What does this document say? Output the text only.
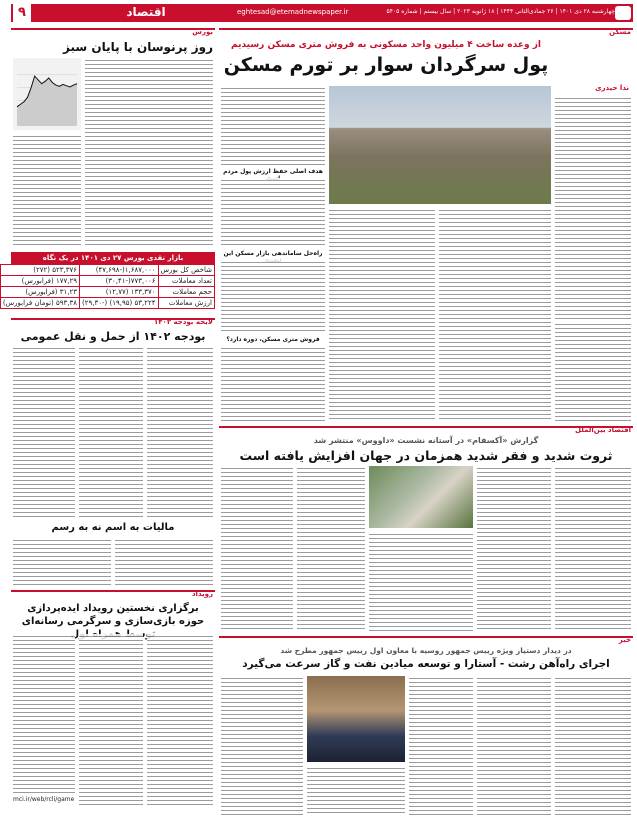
۹	اقتصاد	eghtesad@etemadnewspaper.ir	چهارشنبه ۲۸ دی ۱۴۰۱ | ۲۶ جمادی‌الثانی ۱۴۴۴ | ۱۸ ژانویه ۲۰۲۳ | سال بیستم | شماره ۵۴۰۵
مسکن
از وعده ساخت ۴ میلیون واحد مسکونی به فروش متری مسکن رسیدیم
پول سرگردان سوار بر تورم مسکن
ندا حیدری
هدف اصلی حفظ ارزش پول مردم
راه‌حل ساماندهی بازار مسکن این
فروش متری مسکن، دوره دارد؟
بورس
روز پرنوسان با پایان سبز
بازار نقدی بورس ۲۷ دی ۱۴۰۱ در یک نگاه
شاخص کل بورس	۱,۶۸۷,۰۰۰(-۴۷,۶۹۸)	۵۲۳,۳۷۶ (۲۷۲)
تعداد معاملات	۷۷۳,۰۰۶(-۳۰,۴۱)	۱۷۷,۲۹ (فرابورس)
حجم معاملات	۱۳۳,۳۷۰ (۱۲,۷۷)	۳۱,۲۳ (فرابورس)
ارزش معاملات	۵۳,۲۲۴ (۱۹,۹۵) (-۲۹,۳۰)	۵۹۳,۳۸ (تومان فرابورس)
لایحه بودجه ۱۴۰۲
بودجه ۱۴۰۲ از حمل و نقل عمومی
مالیات به اسم نه به رسم
رویداد
برگزاری نخستین رویداد ایده‌پردازی حوزه بازی‌سازی و سرگرمی رسانه‌ای
mci.ir/web/rcli/game
اقتصاد بین‌الملل
گزارش «آکسفام» در آستانه نشست «داووس» منتشر شد
ثروت شدید و فقر شدید همزمان در جهان افزایش یافته است
خبر
در دیدار دستیار ویژه رییس جمهور روسیه با معاون اول رییس جمهور مطرح شد
اجرای راه‌آهن رشت - آستارا و توسعه میادین نفت و گاز سرعت می‌گیرد
